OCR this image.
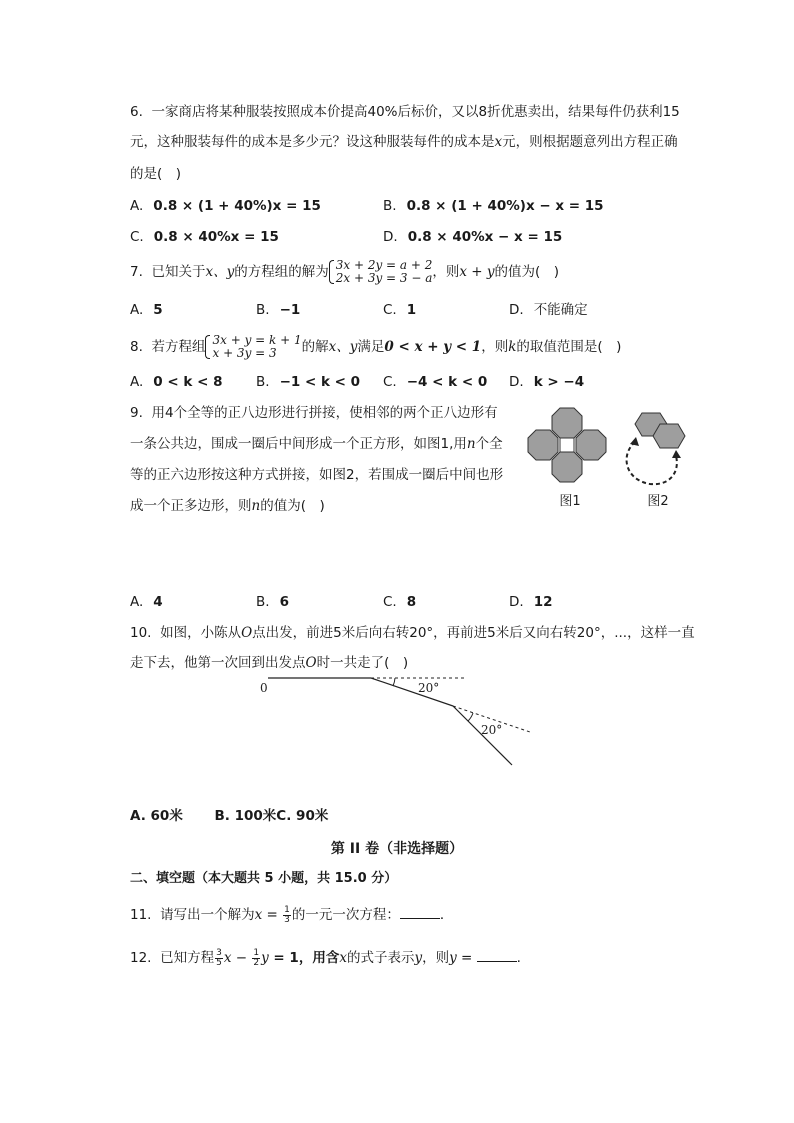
6. 一家商店将某种服装按照成本价提高40%后标价，又以8折优惠卖出，结果每件仍获利15
元，这种服装每件的成本是多少元？设这种服装每件的成本是x元，则根据题意列出方程正确
的是(　)
A. 0.8 × (1 + 40%)x = 15	B. 0.8 × (1 + 40%)x − x = 15
C. 0.8 × 40%x = 15	D. 0.8 × 40%x − x = 15
7. 已知关于x、y的方程组的解为 3x + 2y = a + 2
2x + 3y = 3 − a ，则x + y的值为(　)
A. 5	B. −1	C. 1	D. 不能确定
8. 若方程组 3x + y = k + 1
x + 3y = 3	的解x、y满足0 < x + y < 1，则k的取值范围是(　)
A. 0 < k < 8 B. −1 < k < 0 C. −4 < k < 0 D. k > −4
9. 用4个全等的正八边形进行拼接，使相邻的两个正八边形有
一条公共边，围成一圈后中间形成一个正方形，如图1,用n个全
等的正六边形按这种方式拼接，如图2，若围成一圈后中间也形
成一个正多边形，则n的值为(　)	图1	图2
A. 4	B. 6	C. 8	D. 12
10. 如图，小陈从O点出发，前进5米后向右转20°，再前进5米后又向右转20°，...，这样一直
走下去，他第一次回到出发点O时一共走了(　)
0	20°
20°
A. 60米　　 B. 100米C. 90米
第 II 卷（非选择题）
二、填空题（本大题共 5 小题，共 15.0 分）
11. 请写出一个解为$x = \frac{1}{3}$ 的一元一次方程：	．
12. 已知方程 $\frac{3}{5}$ $x - \frac{1}{2}$ y = 1，用含x的式子表示y，则y =	.
